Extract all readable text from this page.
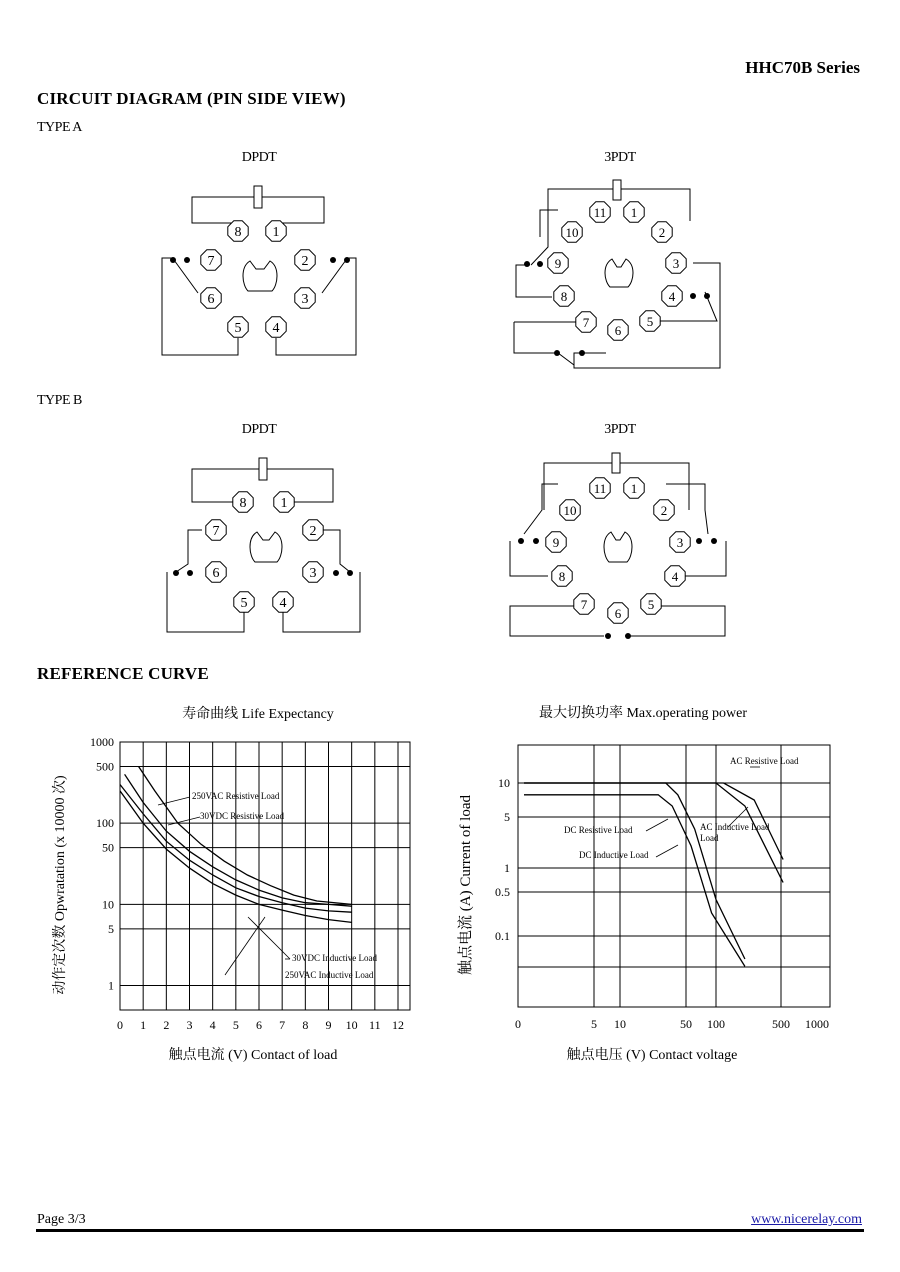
HHC70B Series
CIRCUIT DIAGRAM (PIN SIDE VIEW)
TYPE A
DPDT	3PDT
TYPE B
DPDT	3PDT
8 1
7	2
6	3
5 4
11 1
10	2
9	3
8	4
7
6
5
8 1
7	2
6	3
5 4
11 1
10	2
9	3
8	4
7
6
5
REFERENCE CURVE
寿命曲线 Life Expectancy
0 1 2 3 4 5 6 7 8 9 10 11 12
1000
500
100
50
10
5
1
250VAC Resistive Load
30VDC Resistive Load
30VDC Inductive Load
250VAC Inductive Load
触点电流 (V) Contact of load
动作定次数 Opwratation (x 10000 次)
最大切换功率 Max.operating power
0	5 10	50 100	500 1000
10
5
1
0.5
0.1
AC Resistive Load
DC Resistive Load	AC Inductive Load
Load
DC Inductive Load
触点电压 (V) Contact voltage
触点电流 (A) Current of load
Page 3/3	www.nicerelay.com
